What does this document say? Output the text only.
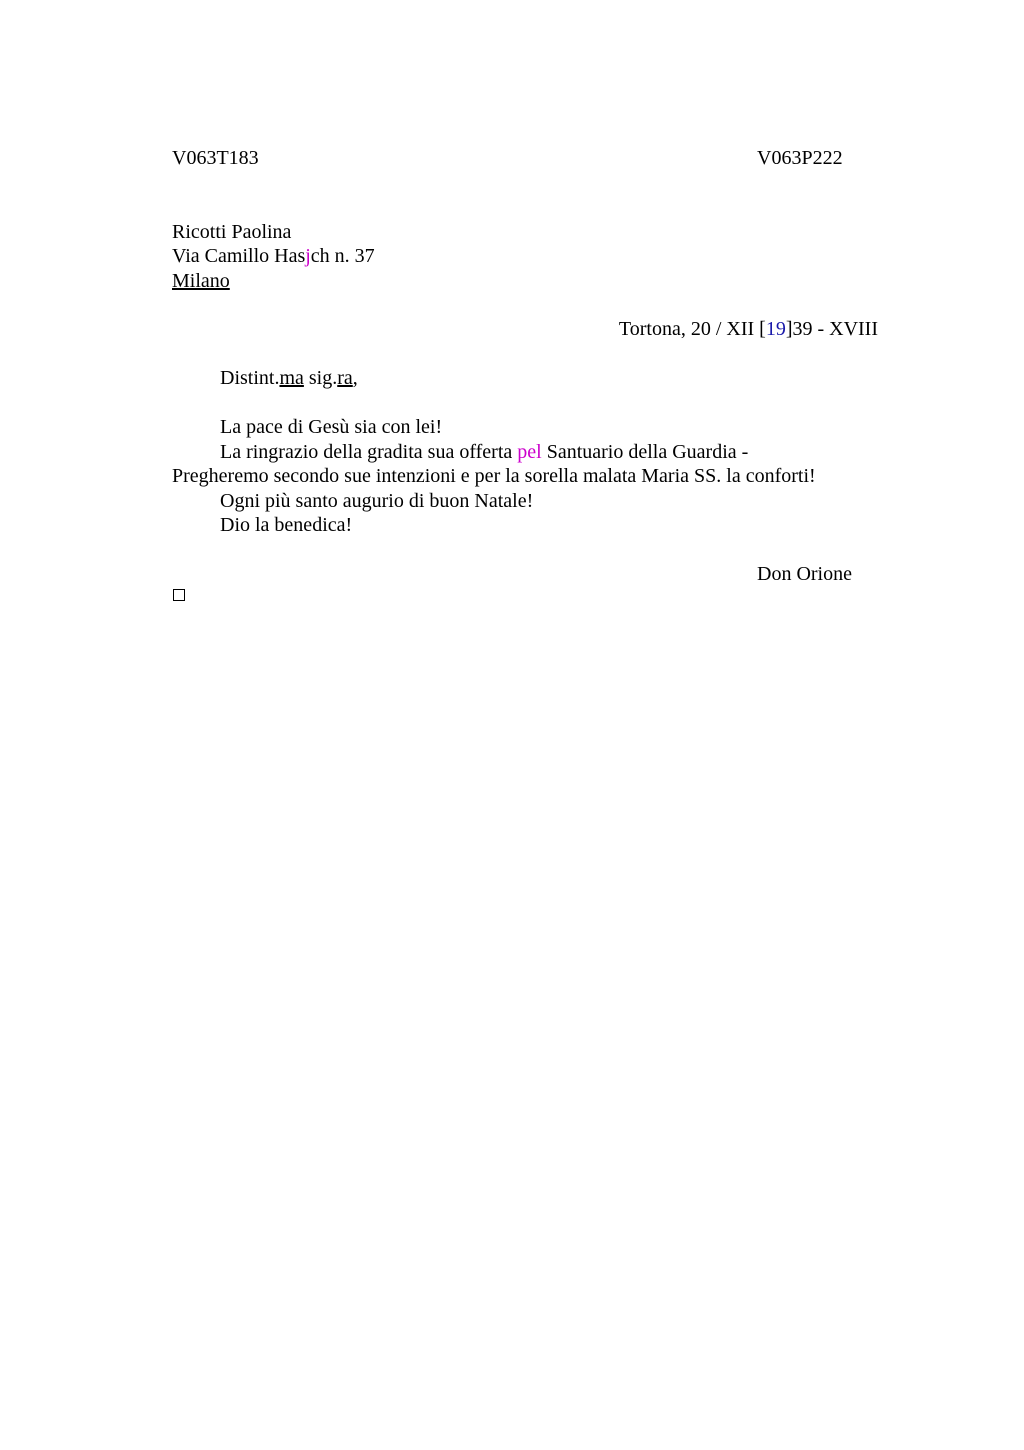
V063T183	V063P222
Ricotti Paolina
Via Camillo Hasjch n. 37
Milano
Tortona, 20 / XII [19]39 - XVIII
Distint.ma sig.ra,
La pace di Gesù sia con lei!
La ringrazio della gradita sua offerta pel Santuario della Guardia -
Pregheremo secondo sue intenzioni e per la sorella malata Maria SS. la conforti!
Ogni più santo augurio di buon Natale!
Dio la benedica!
Don Orione
